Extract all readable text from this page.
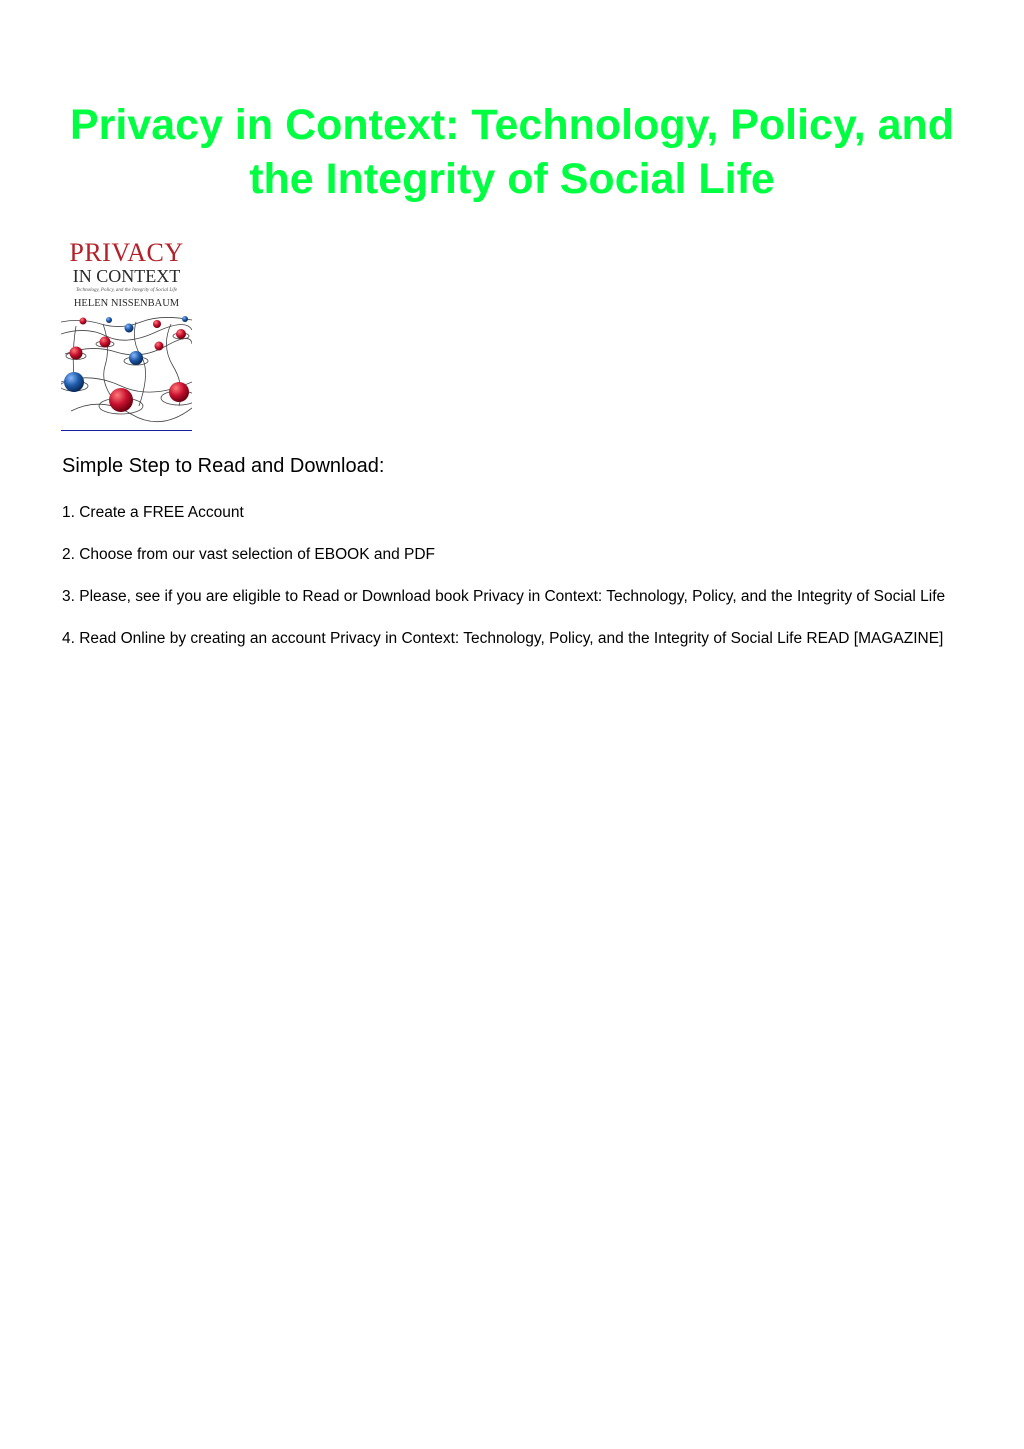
Privacy in Context: Technology, Policy, and the Integrity of Social Life
PRIVACY
IN CONTEXT
Technology, Policy, and the Integrity of Social Life
HELEN NISSENBAUM
Simple Step to Read and Download:
1. Create a FREE Account
2. Choose from our vast selection of EBOOK and PDF
3. Please, see if you are eligible to Read or Download book Privacy in Context: Technology, Policy, and the Integrity of Social Life
4. Read Online by creating an account Privacy in Context: Technology, Policy, and the Integrity of Social Life READ [MAGAZINE]
